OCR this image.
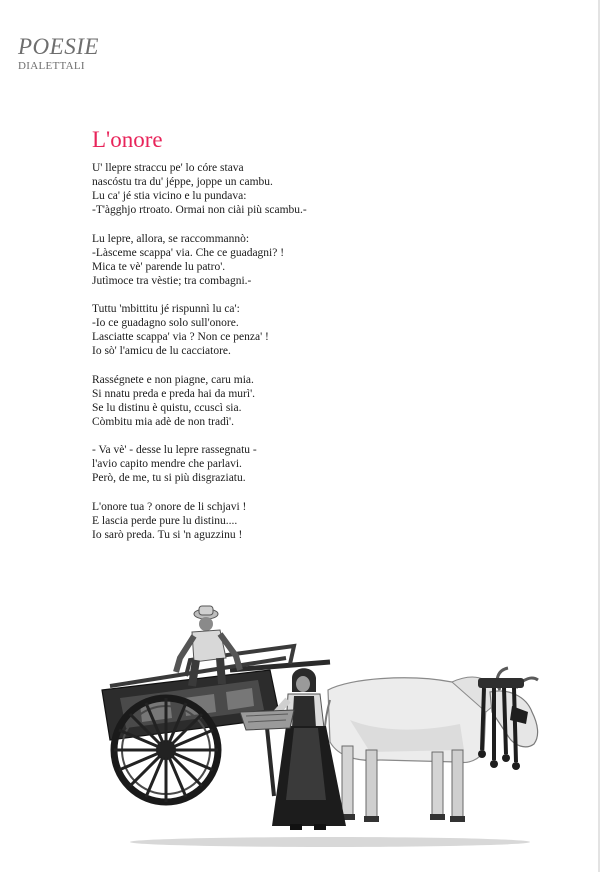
POESIE
DIALETTALI
L'onore
U' llepre straccu pe' lo córe stava
nascóstu tra du' jéppe, joppe un cambu.
Lu ca' jé stia vicino e lu pundava:
-T'àgghjo rtroato. Ormai non ciài più scambu.-
Lu lepre, allora, se raccommannò:
-Làsceme scappa' via. Che ce guadagni? !
Mica te vè' parende lu patro'.
Jutìmoce tra vèstie; tra combagni.-
Tuttu 'mbittitu jé rispunnì lu ca':
-Io ce guadagno solo sull'onore.
Lasciatte scappa' via ? Non ce penza' !
Io sò' l'amicu de lu cacciatore.
Rasségnete e non piagne, caru mia.
Si nnatu preda e preda hai da murì'.
Se lu distinu è quistu, ccuscì sia.
Còmbitu mia adè de non tradì'.
- Va vè' - desse lu lepre rassegnatu -
l'avio capito mendre che parlavi.
Però, de me, tu si più disgraziatu.
L'onore tua ? onore de li schjavi !
E lascia perde pure lu distinu....
Io sarò preda. Tu si 'n aguzzinu !
